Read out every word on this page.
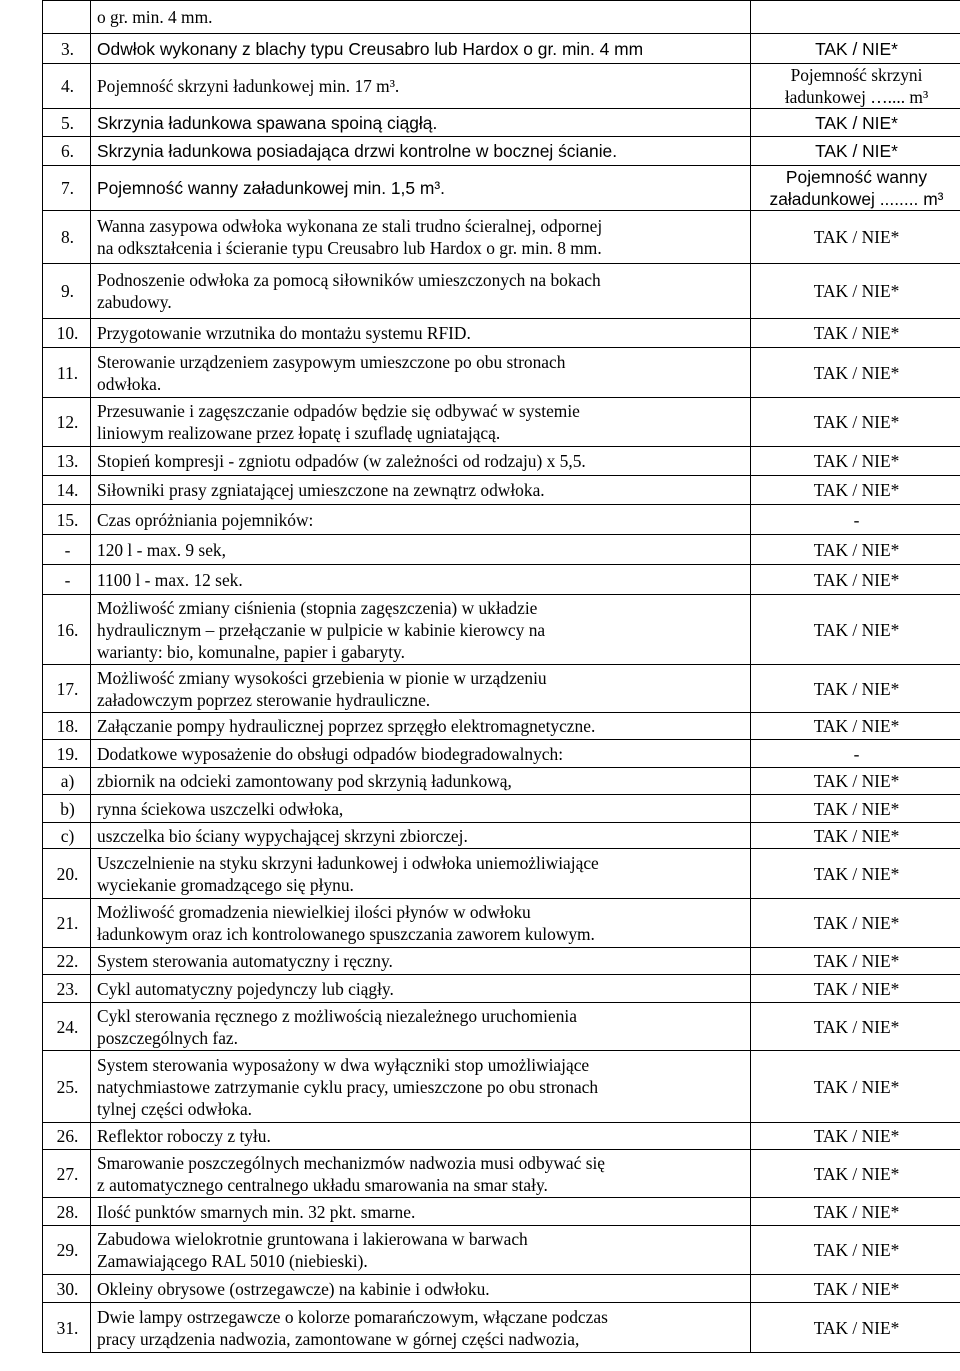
	o gr. min. 4 mm.	

3.	Odwłok wykonany z blachy typu Creusabro lub Hardox o gr. min. 4 mm	TAK / NIE*

4.	Pojemność skrzyni ładunkowej min. 17 m³.	Pojemność skrzyni
ładunkowej ….... m³

5.	Skrzynia ładunkowa spawana spoiną ciągłą.	TAK / NIE*

6.	Skrzynia ładunkowa posiadająca drzwi kontrolne w bocznej ścianie.	TAK / NIE*

7.	Pojemność wanny załadunkowej min. 1,5 m³.	Pojemność wanny
załadunkowej ........ m³

8.	Wanna zasypowa odwłoka wykonana ze stali trudno ścieralnej, odpornej
na odkształcenia i ścieranie typu Creusabro lub Hardox o gr. min. 8 mm.	TAK / NIE*

9.	Podnoszenie odwłoka za pomocą siłowników umieszczonych na bokach
zabudowy.	TAK / NIE*

10.	Przygotowanie wrzutnika do montażu systemu RFID.	TAK / NIE*

11.	Sterowanie urządzeniem zasypowym umieszczone po obu stronach
odwłoka.	TAK / NIE*

12.	Przesuwanie i zagęszczanie odpadów będzie się odbywać w systemie
liniowym realizowane przez łopatę i szufladę ugniatającą.	TAK / NIE*

13.	Stopień kompresji - zgniotu odpadów (w zależności od rodzaju) x 5,5.	TAK / NIE*

14.	Siłowniki prasy zgniatającej umieszczone na zewnątrz odwłoka.	TAK / NIE*

15.	Czas opróżniania pojemników:	-

-	120 l - max. 9 sek,	TAK / NIE*

-	1100 l - max. 12 sek.	TAK / NIE*

16.	Możliwość zmiany ciśnienia (stopnia zagęszczenia) w układzie
hydraulicznym – przełączanie w pulpicie w kabinie kierowcy na
warianty: bio, komunalne, papier i gabaryty.	TAK / NIE*

17.	Możliwość zmiany wysokości grzebienia w pionie w urządzeniu
załadowczym poprzez sterowanie hydrauliczne.	TAK / NIE*

18.	Załączanie pompy hydraulicznej poprzez sprzęgło elektromagnetyczne.	TAK / NIE*

19.	Dodatkowe wyposażenie do obsługi odpadów biodegradowalnych:	-

a)	zbiornik na odcieki zamontowany pod skrzynią ładunkową,	TAK / NIE*

b)	rynna ściekowa uszczelki odwłoka,	TAK / NIE*

c)	uszczelka bio ściany wypychającej skrzyni zbiorczej.	TAK / NIE*

20.	Uszczelnienie na styku skrzyni ładunkowej i odwłoka uniemożliwiające
wyciekanie gromadzącego się płynu.	TAK / NIE*

21.	Możliwość gromadzenia niewielkiej ilości płynów w odwłoku
ładunkowym oraz ich kontrolowanego spuszczania zaworem kulowym.	TAK / NIE*

22.	System sterowania automatyczny i ręczny.	TAK / NIE*

23.	Cykl automatyczny pojedynczy lub ciągły.	TAK / NIE*

24.	Cykl sterowania ręcznego z możliwością niezależnego uruchomienia
poszczególnych faz.	TAK / NIE*

25.	System sterowania wyposażony w dwa wyłączniki stop umożliwiające
natychmiastowe zatrzymanie cyklu pracy, umieszczone po obu stronach
tylnej części odwłoka.	TAK / NIE*

26.	Reflektor roboczy z tyłu.	TAK / NIE*

27.	Smarowanie poszczególnych mechanizmów nadwozia musi odbywać się
z automatycznego centralnego układu smarowania na smar stały.	TAK / NIE*

28.	Ilość punktów smarnych min. 32 pkt. smarne.	TAK / NIE*

29.	Zabudowa wielokrotnie gruntowana i lakierowana w barwach
Zamawiającego RAL 5010 (niebieski).	TAK / NIE*

30.	Okleiny obrysowe (ostrzegawcze) na kabinie i odwłoku.	TAK / NIE*

31.	Dwie lampy ostrzegawcze o kolorze pomarańczowym, włączane podczas
pracy urządzenia nadwozia, zamontowane w górnej części nadwozia,	TAK / NIE*
